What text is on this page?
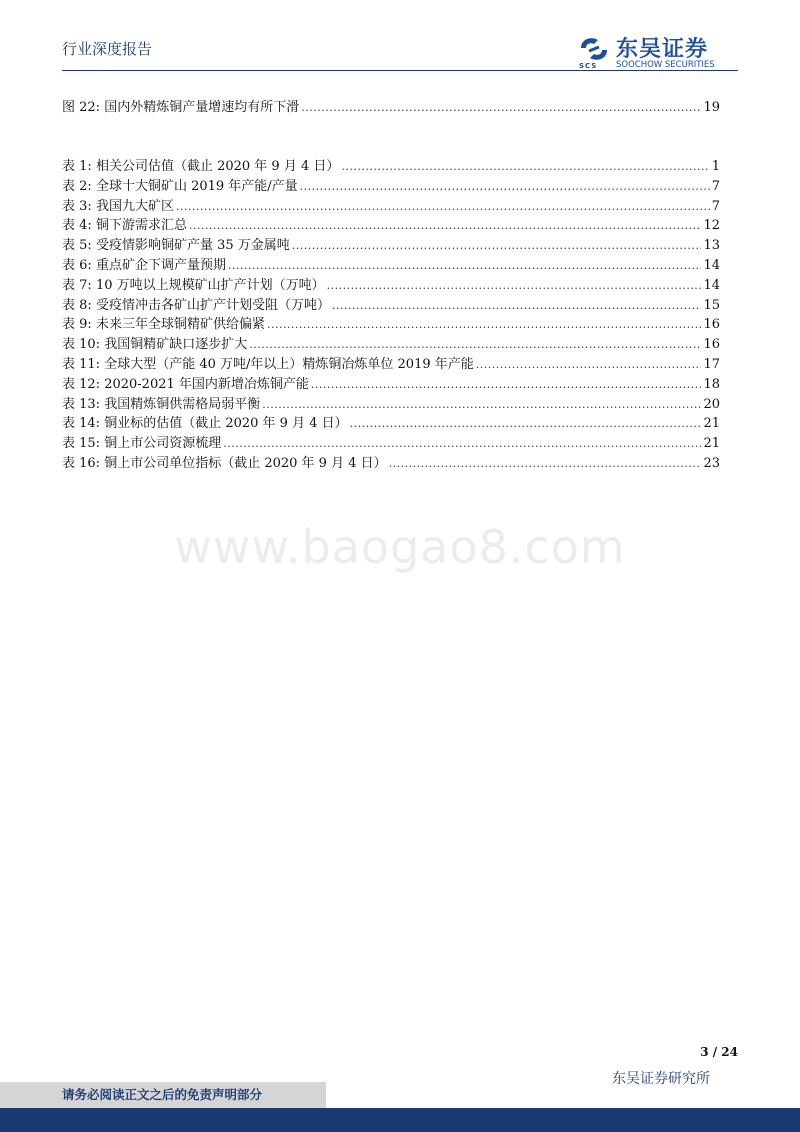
行业深度报告
SCS
东吴证券
SOOCHOW SECURITIES
图 22: 国内外精炼铜产量增速均有所下滑 .....	19
表 1: 相关公司估值（截止 2020 年 9 月 4 日） .....	1
表 2: 全球十大铜矿山 2019 年产能/产量 .....	7
表 3: 我国九大矿区 .....	7
表 4: 铜下游需求汇总 .....	12
表 5: 受疫情影响铜矿产量 35 万金属吨 .....	13
表 6: 重点矿企下调产量预期 .....	14
表 7: 10 万吨以上规模矿山扩产计划（万吨） .....	14
表 8: 受疫情冲击各矿山扩产计划受阻（万吨） .....	15
表 9: 未来三年全球铜精矿供给偏紧 .....	16
表 10: 我国铜精矿缺口逐步扩大 .....	16
表 11: 全球大型（产能 40 万吨/年以上）精炼铜冶炼单位 2019 年产能 .....	17
表 12: 2020-2021 年国内新增冶炼铜产能 .....	18
表 13: 我国精炼铜供需格局弱平衡 .....	20
表 14: 铜业标的估值（截止 2020 年 9 月 4 日） .....	21
表 15: 铜上市公司资源梳理 .....	21
表 16: 铜上市公司单位指标（截止 2020 年 9 月 4 日） .....	23
www.baogao8.com
3 / 24
东吴证券研究所
请务必阅读正文之后的免责声明部分
